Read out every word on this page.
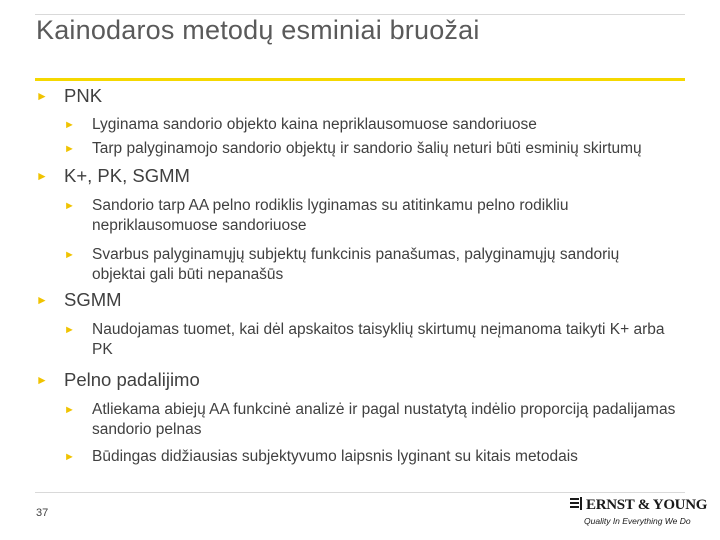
Kainodaros metodų esminiai bruožai
► PNK
► Lyginama sandorio objekto kaina nepriklausomuose sandoriuose
► Tarp palyginamojo sandorio objektų ir sandorio šalių neturi būti esminių skirtumų
► K+, PK, SGMM
► Sandorio tarp AA pelno rodiklis lyginamas su atitinkamu pelno rodikliu nepriklausomuose sandoriuose
► Svarbus palyginamųjų subjektų funkcinis panašumas, palyginamųjų sandorių objektai gali būti nepanašūs
► SGMM
► Naudojamas tuomet, kai dėl apskaitos taisyklių skirtumų neįmanoma taikyti K+ arba PK
► Pelno padalijimo
► Atliekama abiejų AA funkcinė analizė ir pagal nustatytą indėlio proporciją padalijamas sandorio pelnas
► Būdingas didžiausias subjektyvumo laipsnis lyginant su kitais metodais
37	ERNST & YOUNG
Quality In Everything We Do
